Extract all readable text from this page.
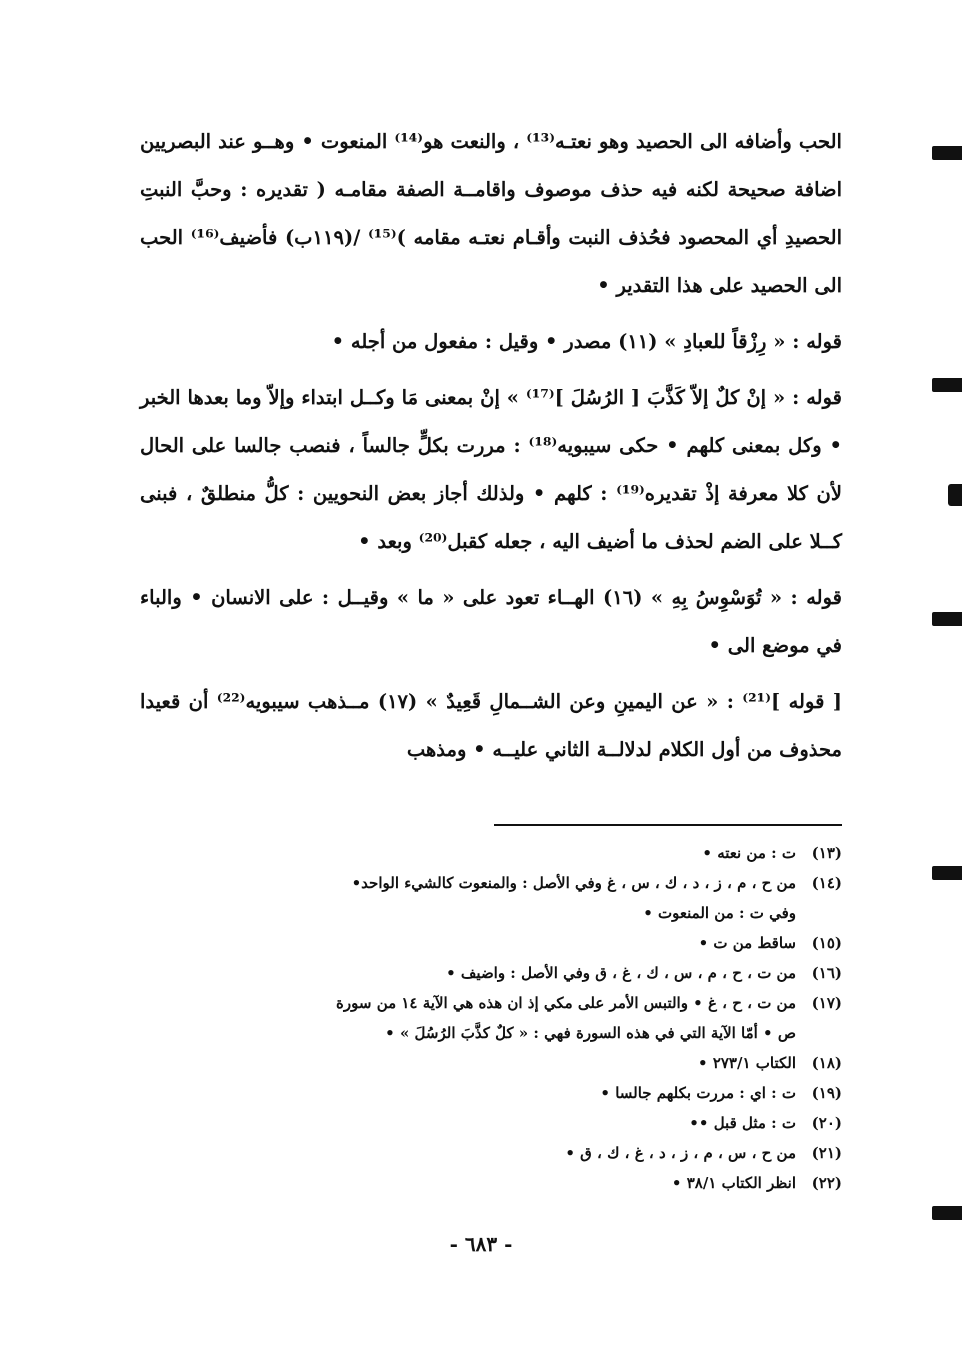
الحب وأضافه الى الحصيد وهو نعتـه⁽¹³⁾ ، والنعت هو⁽¹⁴⁾ المنعوت • وهــو عند البصريين اضافة صحيحة لكنه فيه حذف موصوف واقامــة الصفة مقامـه ( تقديره : وحبَّ النبتِ الحصيدِ أي المحصود فحُذف النبت وأقـام نعتـه مقامه )⁽¹⁵⁾ /(١١٩ب) فأضيف⁽¹⁶⁾ الحب الى الحصيد على هذا التقدير •

قوله : « رِزْقاً للعبادِ » (١١) مصدر • وقيل : مفعول من أجله •

قوله : « إنْ كلٌ إلاّ كَذَّبَ [ الرُسُلَ ]⁽¹⁷⁾ » إنْ بمعنى مَا وكــل ابتداء وإلاّ وما بعدها الخبر • وكل بمعنى كلهم • حكى سيبويه⁽¹⁸⁾ : مررت بكلٍّ جالساً ، فنصب جالسا على الحال لأن كلا معرفة إذْ تقديره⁽¹⁹⁾ : كلهم • ولذلك أجاز بعض النحويين : كلُّ منطلقٌ ، فبنى كــلا على الضم لحذف ما أضيف اليه ، جعله كقبل⁽²⁰⁾ وبعد •

قوله : « تُوَسْوِسُ بِهِ » (١٦) الهــاء تعود على « ما » وقيــل : على الانسان • والباء في موضع الى •

[ قوله ]⁽²¹⁾ : « عن اليمينِ وعن الشــمالِ قَعِيدٌ » (١٧) مــذهب سيبويه⁽²²⁾ أن قعيدا محذوف من أول الكلام لدلالــة الثاني عليــه • ومذهب

(١٣)
ت : من نعته •
(١٤)
من ح ، م ، ز ، د ، ك ، س ، غ وفي الأصل : والمنعوت كالشيء الواحد•
وفي ت : من المنعوت •
(١٥)
ساقط من ت •
(١٦)
من ت ، ح ، م ، س ، ك ، غ ، ق وفي الأصل : واضيف •
(١٧)
من ت ، ح ، غ • والتبس الأمر على مكي إذ ان هذه هي الآية ١٤ من سورة
ص • أمّا الآية التي في هذه السورة فهي : « كلٌ كذَّبَ الرُسُلَ » •
(١٨)
الكتاب ٢٧٣/١ •
(١٩)
ت : اي : مررت بكلهم جالسا •
(٢٠)
ت : مثل قبل ••
(٢١)
من ح ، س ، م ، ز ، د ، غ ، ك ، ق •
(٢٢)
انظر الكتاب ٣٨/١ •
- ٦٨٣ -
